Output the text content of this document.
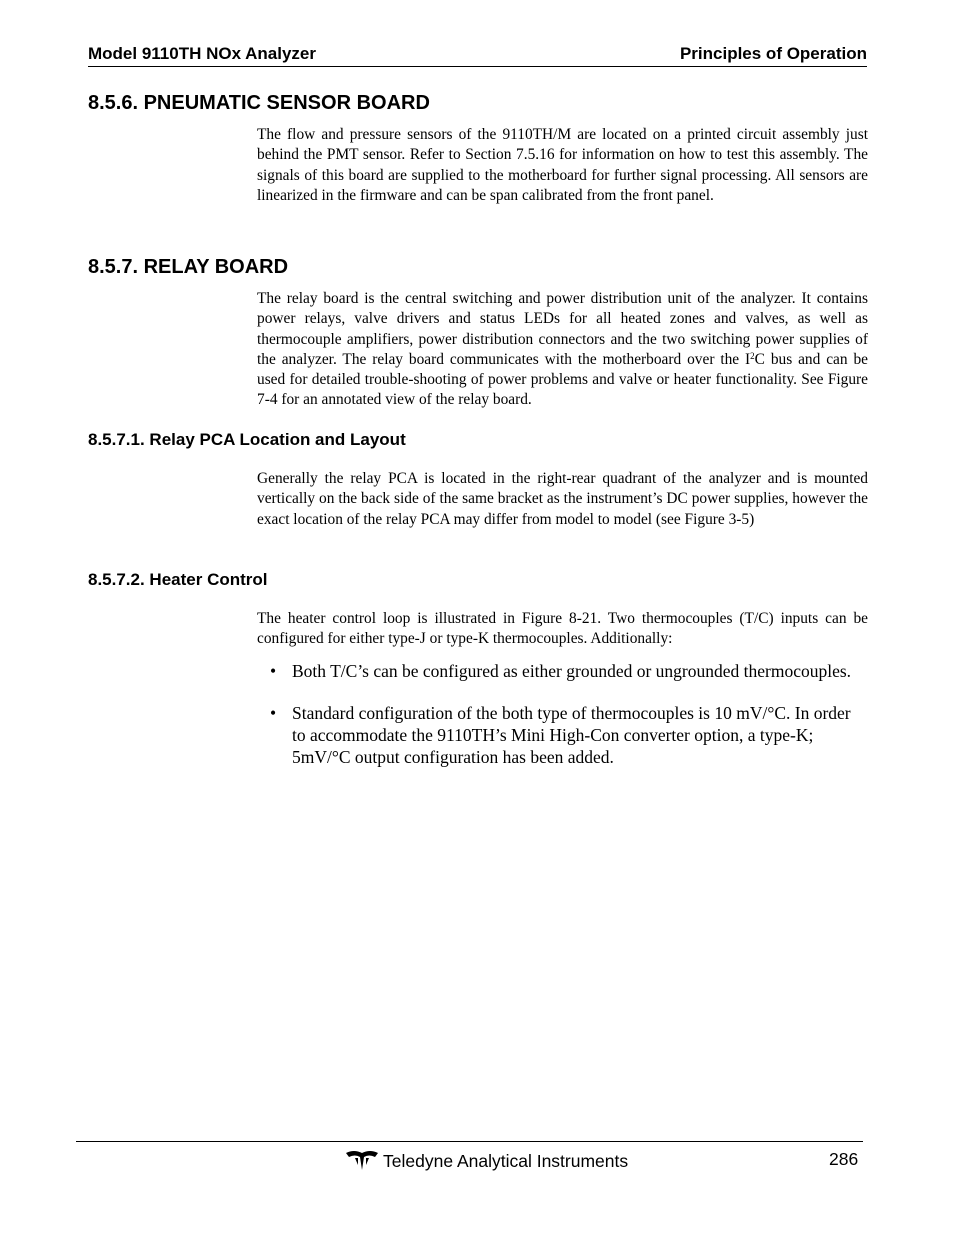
Model 9110TH NOx Analyzer	Principles of Operation
8.5.6. PNEUMATIC SENSOR BOARD

The flow and pressure sensors of the 9110TH/M are located on a printed circuit assembly just behind the PMT sensor. Refer to Section 7.5.16 for information on how to test this assembly. The signals of this board are supplied to the motherboard for further signal processing. All sensors are linearized in the firmware and can be span calibrated from the front panel.

8.5.7. RELAY BOARD

The relay board is the central switching and power distribution unit of the analyzer. It contains power relays, valve drivers and status LEDs for all heated zones and valves, as well as thermocouple amplifiers, power distribution connectors and the two switching power supplies of the analyzer. The relay board communicates with the motherboard over the $I^2C$ bus and can be used for detailed trouble-shooting of power problems and valve or heater functionality. See Figure 7-4 for an annotated view of the relay board.

8.5.7.1. Relay PCA Location and Layout

Generally the relay PCA is located in the right-rear quadrant of the analyzer and is mounted vertically on the back side of the same bracket as the instrument’s DC power supplies, however the exact location of the relay PCA may differ from model to model (see Figure 3-5)

8.5.7.2. Heater Control

The heater control loop is illustrated in Figure 8-21. Two thermocouples (T/C) inputs can be configured for either type-J or type-K thermocouples. Additionally:

• Both T/C’s can be configured as either grounded or ungrounded thermocouples.
• Standard configuration of the both type of thermocouples is 10 mV/°C. In order to accommodate the 9110TH’s Mini High-Con converter option, a type-K; 5mV/°C output configuration has been added.
Teledyne Analytical Instruments	286
